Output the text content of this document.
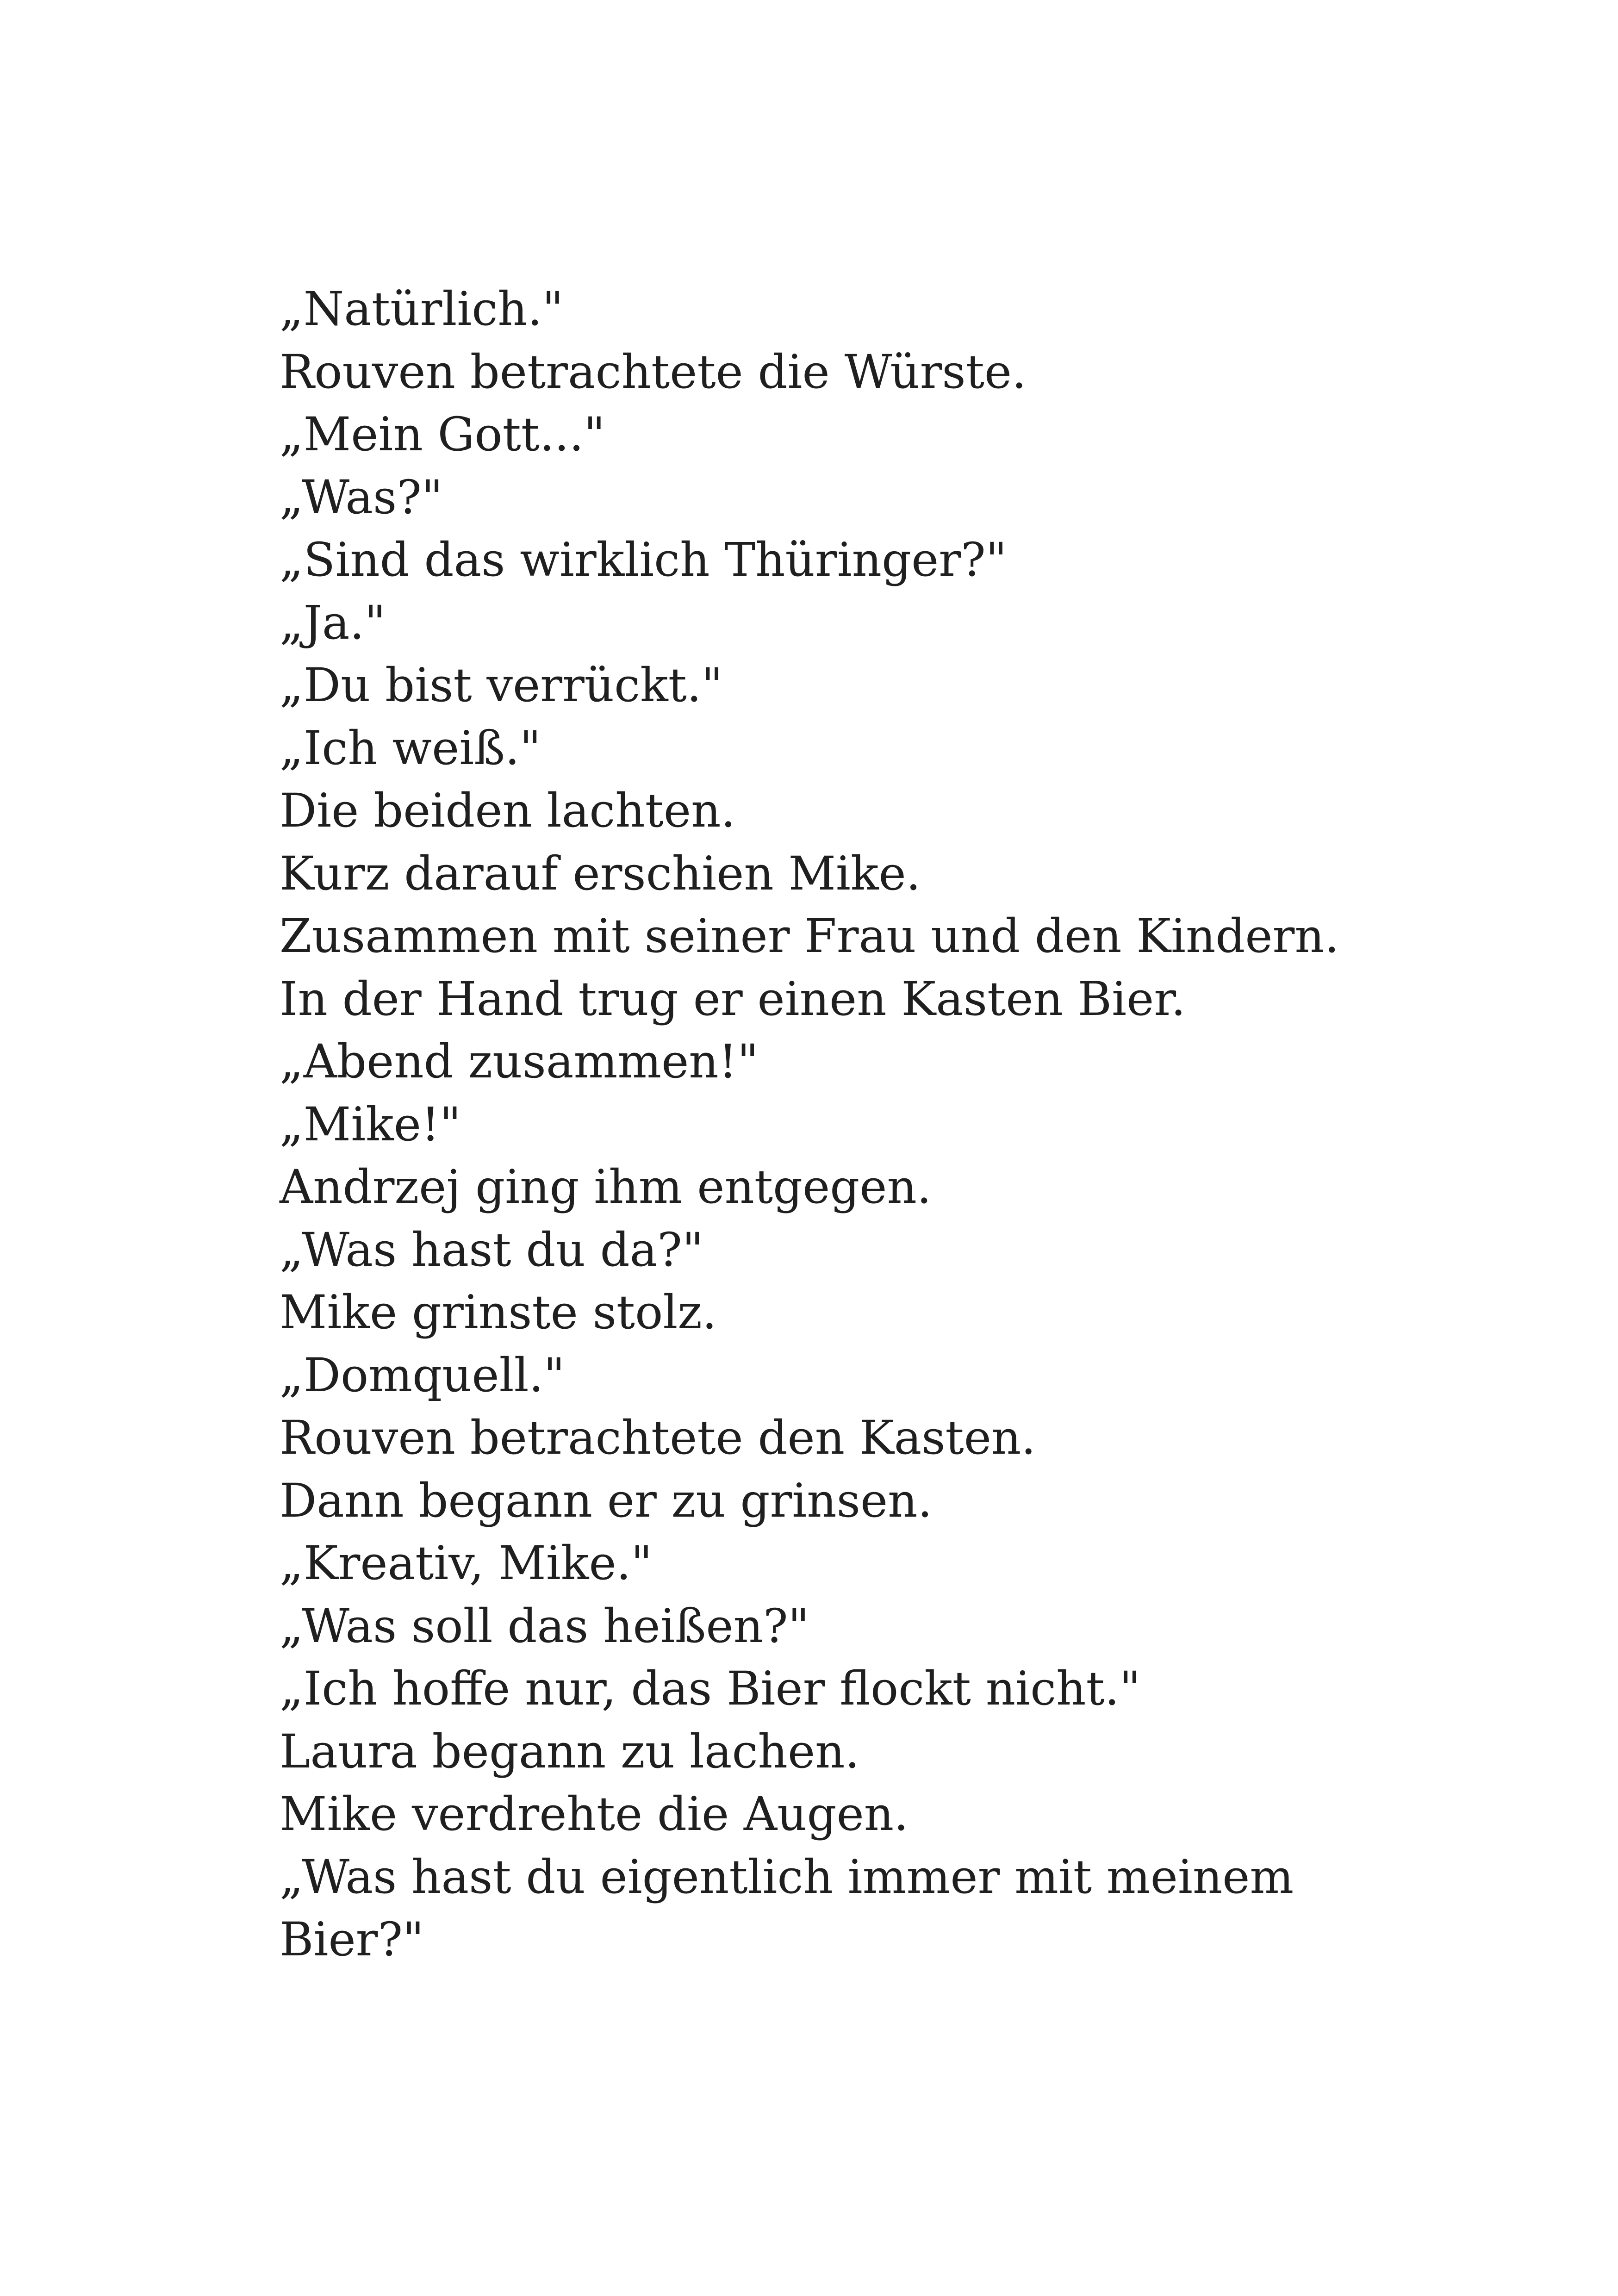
„Natürlich."
Rouven betrachtete die Würste.
„Mein Gott..."
„Was?"
„Sind das wirklich Thüringer?"
„Ja."
„Du bist verrückt."
„Ich weiß."
Die beiden lachten.
Kurz darauf erschien Mike.
Zusammen mit seiner Frau und den Kindern.
In der Hand trug er einen Kasten Bier.
„Abend zusammen!"
„Mike!"
Andrzej ging ihm entgegen.
„Was hast du da?"
Mike grinste stolz.
„Domquell."
Rouven betrachtete den Kasten.
Dann begann er zu grinsen.
„Kreativ, Mike."
„Was soll das heißen?"
„Ich hoffe nur, das Bier flockt nicht."
Laura begann zu lachen.
Mike verdrehte die Augen.
„Was hast du eigentlich immer mit meinem
Bier?"
